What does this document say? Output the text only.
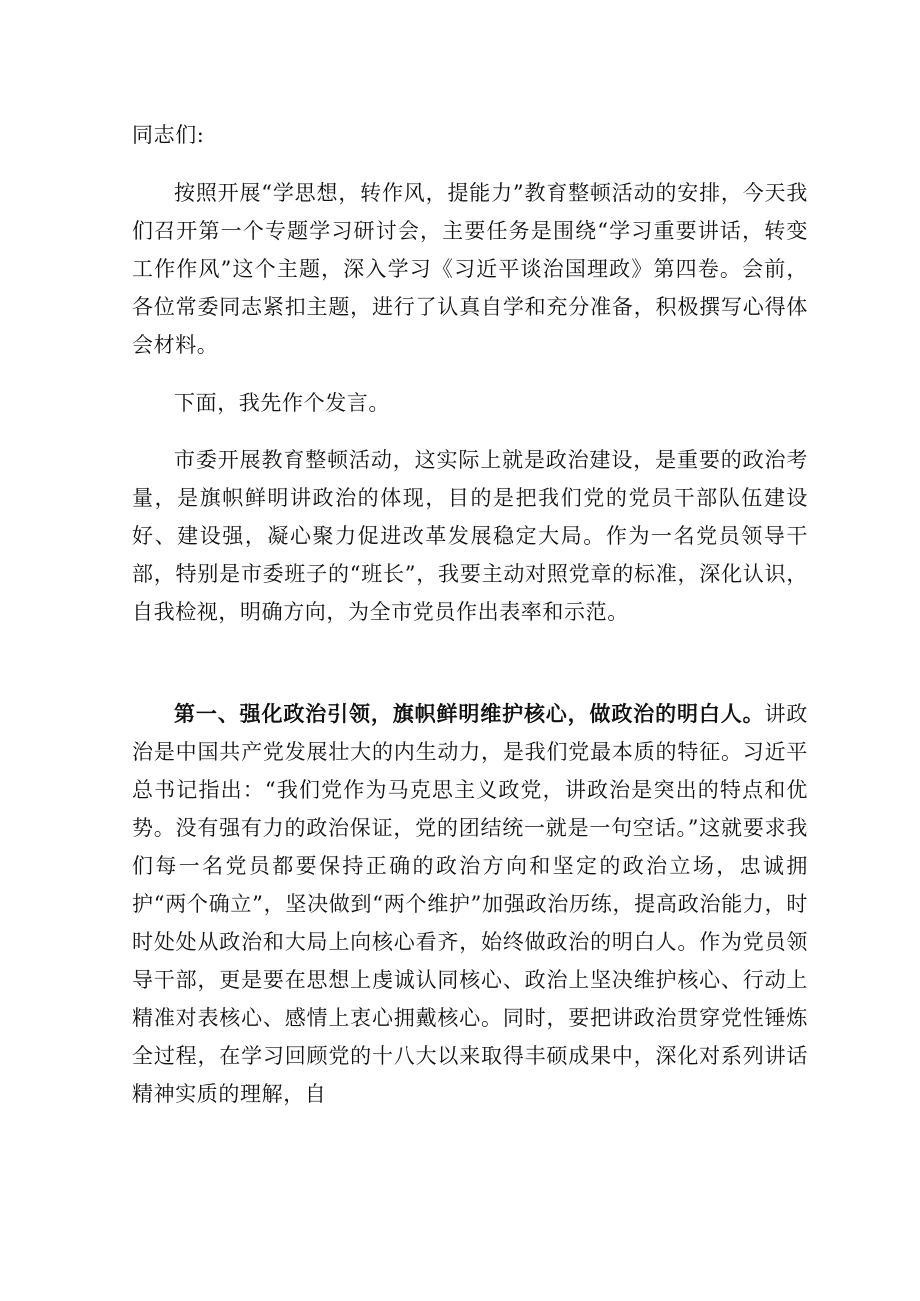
同志们:

按照开展“学思想，转作风，提能力”教育整顿活动的安排，今天我们召开第一个专题学习研讨会，主要任务是围绕“学习重要讲话，转变工作作风”这个主题，深入学习《习近平谈治国理政》第四卷。会前，各位常委同志紧扣主题，进行了认真自学和充分准备，积极撰写心得体会材料。

下面，我先作个发言。

市委开展教育整顿活动，这实际上就是政治建设，是重要的政治考量，是旗帜鲜明讲政治的体现，目的是把我们党的党员干部队伍建设好、建设强，凝心聚力促进改革发展稳定大局。作为一名党员领导干部，特别是市委班子的“班长”，我要主动对照党章的标准，深化认识，自我检视，明确方向，为全市党员作出表率和示范。

第一、强化政治引领，旗帜鲜明维护核心，做政治的明白人。讲政治是中国共产党发展壮大的内生动力，是我们党最本质的特征。习近平总书记指出：“我们党作为马克思主义政党，讲政治是突出的特点和优势。没有强有力的政治保证，党的团结统一就是一句空话。”这就要求我们每一名党员都要保持正确的政治方向和坚定的政治立场，忠诚拥护“两个确立”，坚决做到“两个维护”加强政治历练，提高政治能力，时时处处从政治和大局上向核心看齐，始终做政治的明白人。作为党员领导干部，更是要在思想上虔诚认同核心、政治上坚决维护核心、行动上精准对表核心、感情上衷心拥戴核心。同时，要把讲政治贯穿党性锤炼全过程，在学习回顾党的十八大以来取得丰硕成果中，深化对系列讲话精神实质的理解，自
